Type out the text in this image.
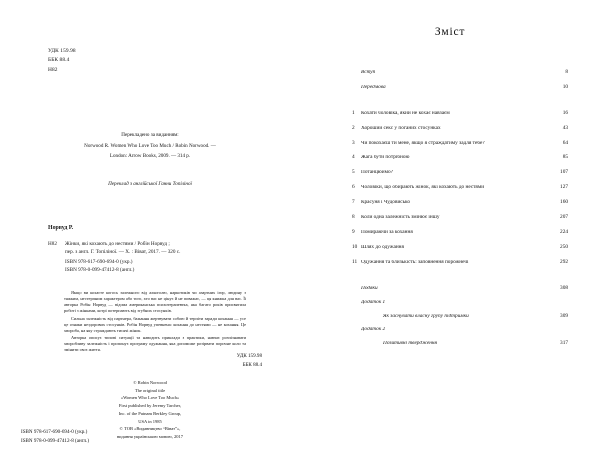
УДК 159.98
ББК 88.4
Н82
Перекладено за виданням:
Norwood R. Women Who Love Too Much / Robin Norwood. —
London: Arrow Books, 2009. — 314 p.
Переклад з англійської Ганни Топіліної
Норвуд Р.
Н82	Жінки, які кохають до нестями / Робін Норвуд ;
пер. з англ. Г. Топіліної. — Х. : Віват, 2017. — 320 с.
ISBN 978-617-690-694-0 (укр.)
ISBN 978-0-099-47412-8 (англ.)

Якщо ви кохаєте когось залежного від алкоголю, наркотиків чи азартних ігор, людину з тяжким, нестерпним характером або того, хто вас не цінує й не поважає, — ця книжка для вас. Її авторка Робін Норвуд — відома американська психотерапевтка, яка багато років присвятила роботі з жінками, котрі потерпають від згубних стосунків.

Сильна залежність від партнера, бажання жертвувати собою й терпіти заради кохання — усе це ознаки нездорових стосунків. Робін Норвуд упевнена: кохання до нестями — не кохання. Це хвороба, на яку страждають тисячі жінок.

Авторка описує типові ситуації та наводить приклади з практики, навчає розпізнавати хворобливу залежність і пропонує програму одужання, яка допоможе розірвати порочне коло та змінити своє життя.

УДК 159.98
ББК 88.4
© Robin Norwood
The original title
«Women Who Love Too Much»
First published by Jeremy Tarcher,
Inc. of the Putnam Berkley Group,
USA in 1985
© ТОВ «Видавництво “Віват”»,
видання українською мовою, 2017
ISBN 978-617-690-694-0 (укр.)
ISBN 978-0-099-47412-8 (англ.)
Зміст
Вступ	8
Передмова	10
1	Кохати чоловіка, який не кохає навзаєм	16
2	Хороший секс у поганих стосунках	43
3	Чи покохаєш ти мене, якщо я страждатиму задля тебе?	64
4	Жага бути потрібною	85
5	Потанцюймо?	107
6	Чоловіки, що обирають жінок, які кохають до нестями	127
7	Красуня і Чудовисько	160
8	Коли одна залежність змінює іншу	207
9	Помираючи за кохання	224
10 Шлях до одужання	250
11 Одужання та близькість: заповнення порожнечі	292
Подяки	308
Додаток 1
Як заснувати власну групу підтримки	309
Додаток 2
Позитивні твердження	317
